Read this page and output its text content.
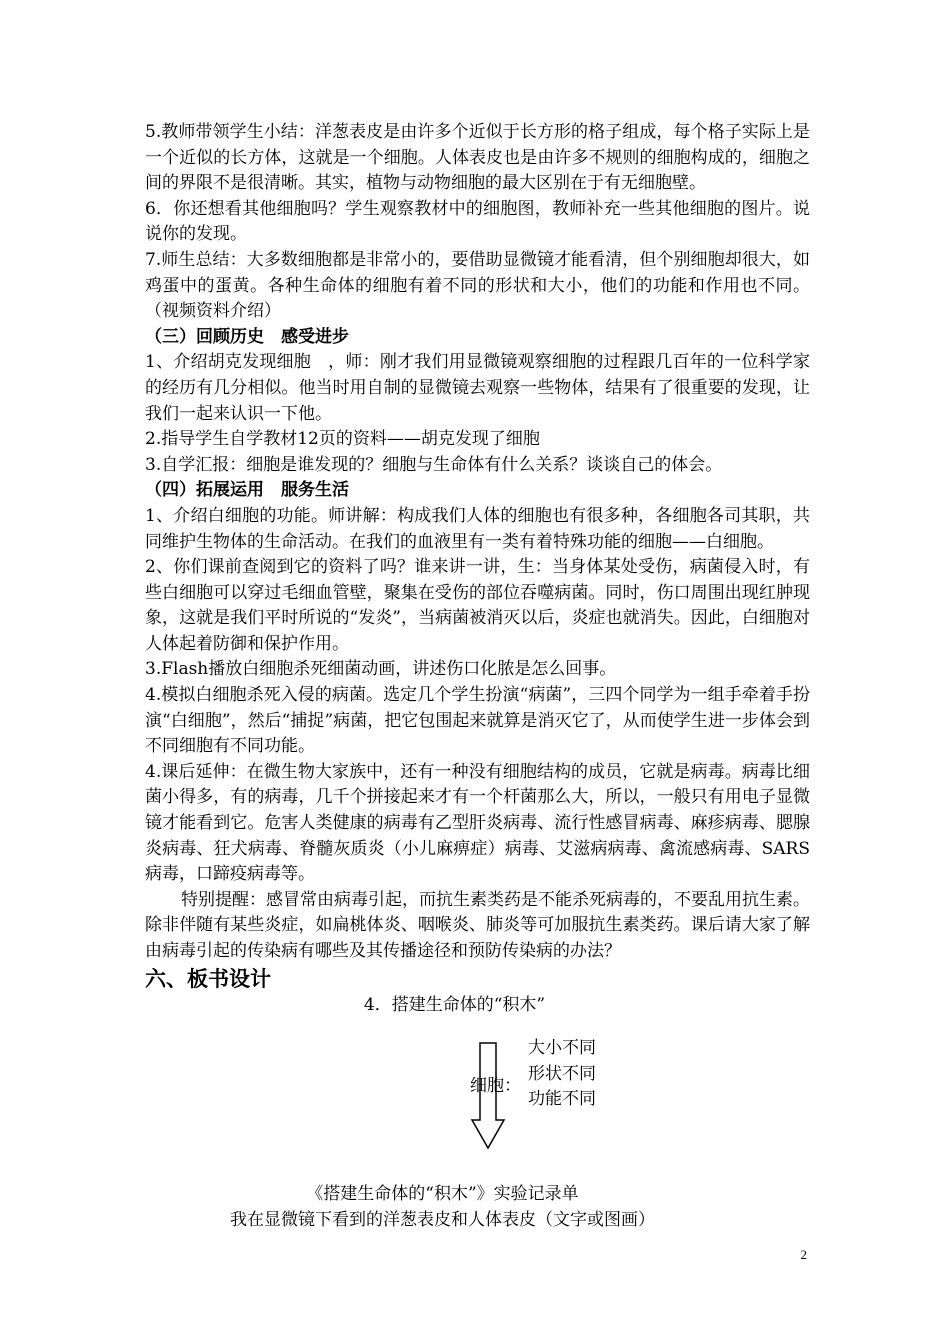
5.教师带领学生小结：洋葱表皮是由许多个近似于长方形的格子组成，每个格子实际上是一个近似的长方体，这就是一个细胞。人体表皮也是由许多不规则的细胞构成的，细胞之间的界限不是很清晰。其实，植物与动物细胞的最大区别在于有无细胞壁。

6．你还想看其他细胞吗？学生观察教材中的细胞图，教师补充一些其他细胞的图片。说说你的发现。

7.师生总结：大多数细胞都是非常小的，要借助显微镜才能看清，但个别细胞却很大，如鸡蛋中的蛋黄。各种生命体的细胞有着不同的形状和大小，他们的功能和作用也不同。（视频资料介绍）

（三）回顾历史　感受进步

1、介绍胡克发现细胞　，师：刚才我们用显微镜观察细胞的过程跟几百年的一位科学家的经历有几分相似。他当时用自制的显微镜去观察一些物体，结果有了很重要的发现，让我们一起来认识一下他。

2.指导学生自学教材12页的资料——胡克发现了细胞

3.自学汇报：细胞是谁发现的？细胞与生命体有什么关系？谈谈自己的体会。

（四）拓展运用　服务生活

1、介绍白细胞的功能。师讲解：构成我们人体的细胞也有很多种，各细胞各司其职，共同维护生物体的生命活动。在我们的血液里有一类有着特殊功能的细胞——白细胞。

2、你们课前查阅到它的资料了吗？谁来讲一讲，生：当身体某处受伤，病菌侵入时，有些白细胞可以穿过毛细血管壁，聚集在受伤的部位吞噬病菌。同时，伤口周围出现红肿现象，这就是我们平时所说的“发炎”，当病菌被消灭以后，炎症也就消失。因此，白细胞对人体起着防御和保护作用。

3.Flash播放白细胞杀死细菌动画，讲述伤口化脓是怎么回事。

4.模拟白细胞杀死入侵的病菌。选定几个学生扮演“病菌”，三四个同学为一组手牵着手扮演“白细胞”，然后“捕捉”病菌，把它包围起来就算是消灭它了，从而使学生进一步体会到不同细胞有不同功能。

4.课后延伸：在微生物大家族中，还有一种没有细胞结构的成员，它就是病毒。病毒比细菌小得多，有的病毒，几千个拼接起来才有一个杆菌那么大，所以，一般只有用电子显微镜才能看到它。危害人类健康的病毒有乙型肝炎病毒、流行性感冒病毒、麻疹病毒、腮腺炎病毒、狂犬病毒、脊髓灰质炎（小儿麻痹症）病毒、艾滋病病毒、禽流感病毒、SARS病毒，口蹄疫病毒等。

特别提醒：感冒常由病毒引起，而抗生素类药是不能杀死病毒的，不要乱用抗生素。除非伴随有某些炎症，如扁桃体炎、咽喉炎、肺炎等可加服抗生素类药。课后请大家了解由病毒引起的传染病有哪些及其传播途径和预防传染病的办法？

六、板书设计

4．搭建生命体的“积木”

细胞：
大小不同
形状不同
功能不同

《搭建生命体的“积木”》实验记录单

我在显微镜下看到的洋葱表皮和人体表皮（文字或图画）

2
